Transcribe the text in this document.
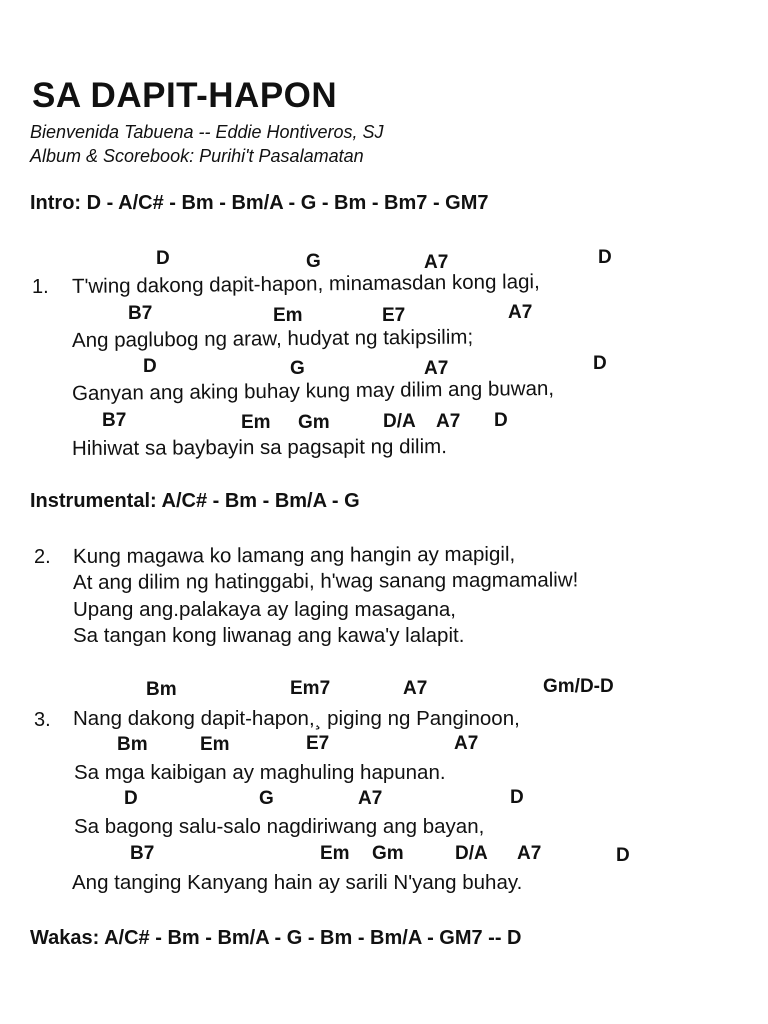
SA DAPIT-HAPON
Bienvenida Tabuena -- Eddie Hontiveros, SJ
Album & Scorebook: Purihi't Pasalamatan
Intro: D - A/C# - Bm - Bm/A - G - Bm - Bm7 - GM7
D	G	A7	D
1. T'wing dakong dapit-hapon, minamasdan kong lagi,
B7	Em	E7	A7
Ang paglubog ng araw, hudyat ng takipsilim;
D	G	A7	D
Ganyan ang aking buhay kung may dilim ang buwan,
B7	Em Gm	D/A A7 D
Hihiwat sa baybayin sa pagsapit ng dilim.
Instrumental: A/C# - Bm - Bm/A - G
2. Kung magawa ko lamang ang hangin ay mapigil,
At ang dilim ng hatinggabi, h'wag sanang magmamaliw!
Upang ang.palakaya ay laging masagana,
Sa tangan kong liwanag ang kawa'y lalapit.
Bm	Em7	A7	Gm/D-D
3. Nang dakong dapit-hapon,¸ piging ng Panginoon,
Bm	Em	E7	A7
Sa mga kaibigan ay maghuling hapunan.
D	G	A7	D
Sa bagong salu-salo nagdiriwang ang bayan,
B7	Em Gm	D/A A7	D
Ang tanging Kanyang hain ay sarili N'yang buhay.
Wakas: A/C# - Bm - Bm/A - G - Bm - Bm/A - GM7 -- D
